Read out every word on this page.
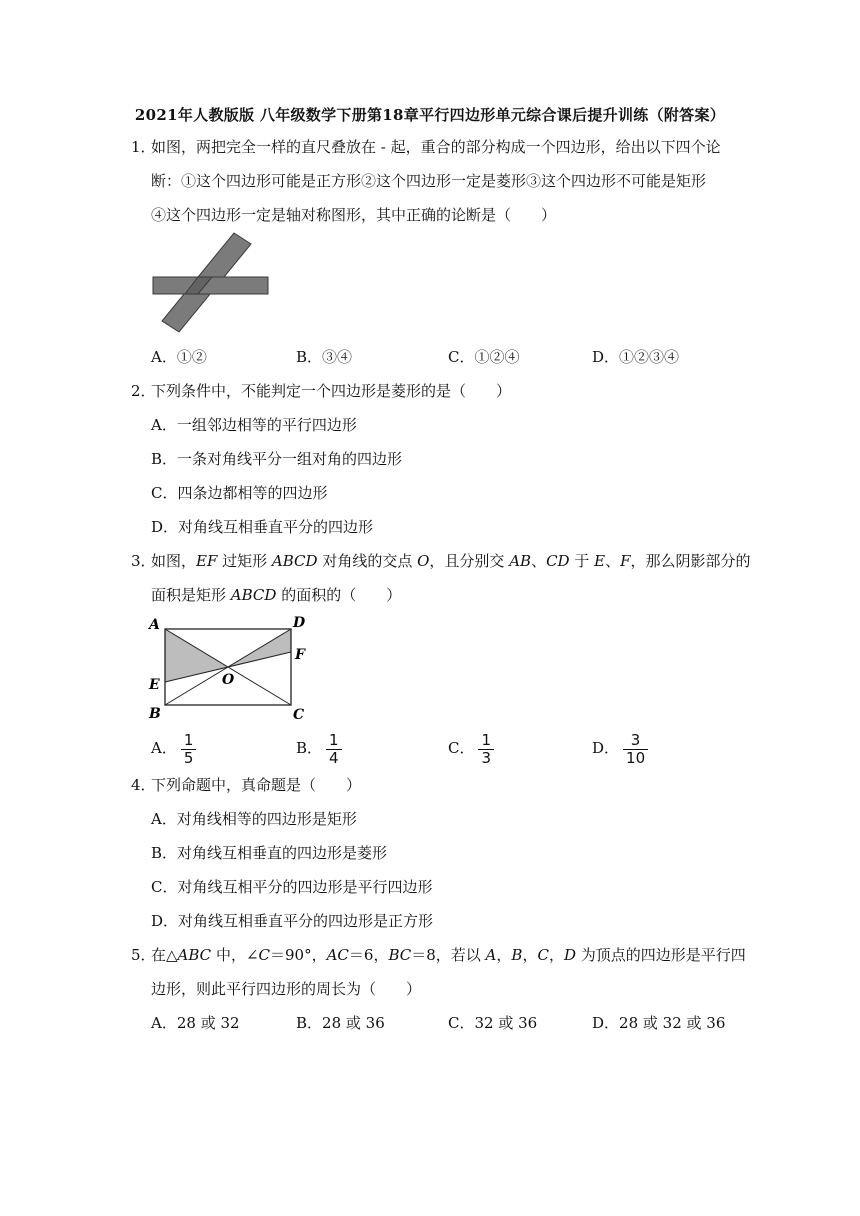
2021年人教版版 八年级数学下册第18章平行四边形单元综合课后提升训练（附答案）
1．如图，两把完全一样的直尺叠放在 - 起，重合的部分构成一个四边形，给出以下四个论
断：①这个四边形可能是正方形②这个四边形一定是菱形③这个四边形不可能是矩形
④这个四边形一定是轴对称图形，其中正确的论断是（　　）
A．①②	B．③④	C．①②④	D．①②③④
2．下列条件中，不能判定一个四边形是菱形的是（　　）
A．一组邻边相等的平行四边形
B．一条对角线平分一组对角的四边形
C．四条边都相等的四边形
D．对角线互相垂直平分的四边形
3．如图，EF 过矩形 ABCD 对角线的交点 O，且分别交 AB、CD 于 E、F，那么阴影部分的
面积是矩形 ABCD 的面积的（　　）
A	D
F
E	O
B	C
A． $\frac{1}{5}$	B． $\frac{1}{4}$	C． $\frac{1}{3}$	D． $\frac{3}{10}$
4．下列命题中，真命题是（　　）
A．对角线相等的四边形是矩形
B．对角线互相垂直的四边形是菱形
C．对角线互相平分的四边形是平行四边形
D．对角线互相垂直平分的四边形是正方形
5．在△ABC 中，∠C＝90°，AC＝6，BC＝8，若以 A，B，C，D 为顶点的四边形是平行四
边形，则此平行四边形的周长为（　　）
A．28 或 32	B．28 或 36	C．32 或 36	D．28 或 32 或 36
